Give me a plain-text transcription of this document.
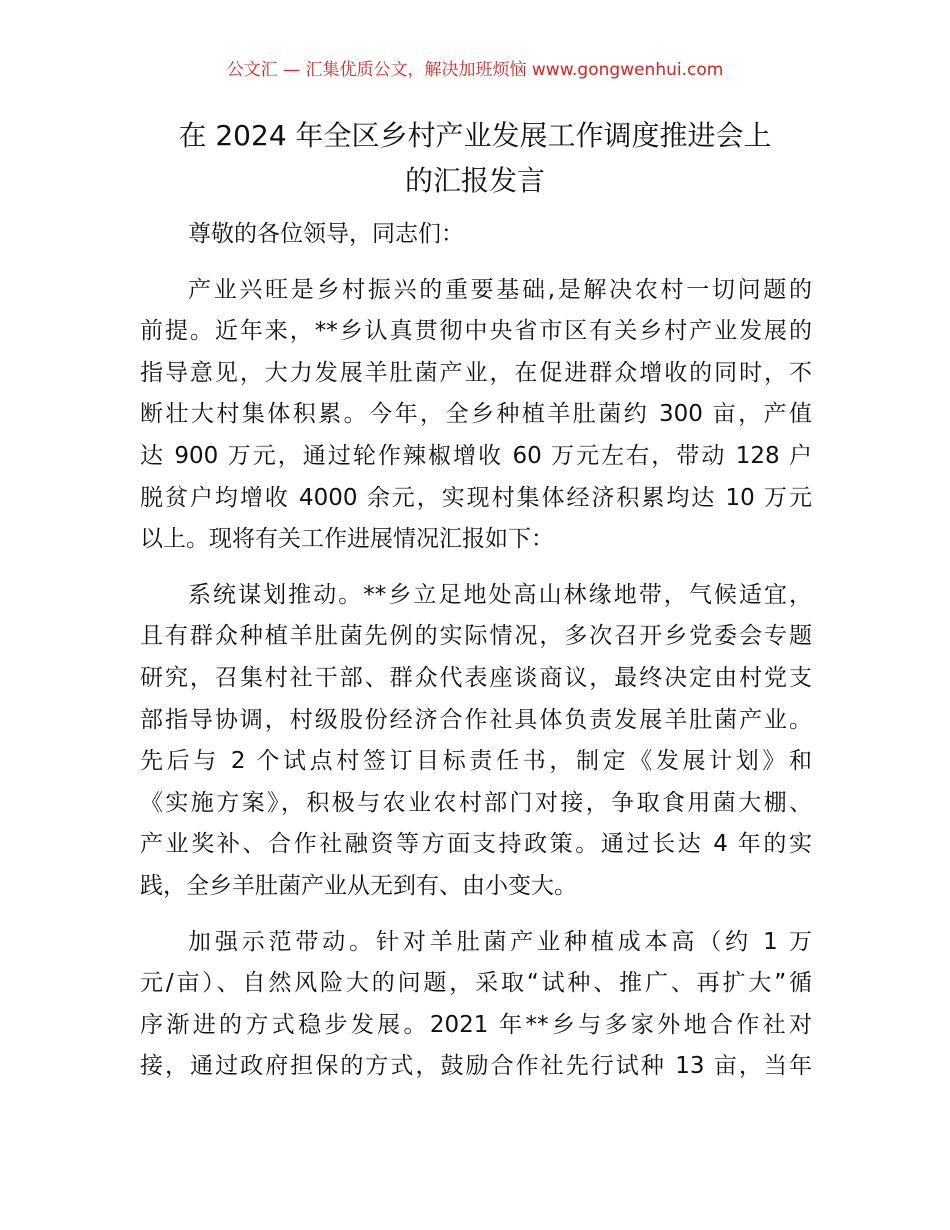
公文汇 — 汇集优质公文，解决加班烦恼 www.gongwenhui.com
在 2024 年全区乡村产业发展工作调度推进会上
的汇报发言
尊敬的各位领导，同志们：
产业兴旺是乡村振兴的重要基础,是解决农村一切问题的
前提。近年来，**乡认真贯彻中央省市区有关乡村产业发展的
指导意见，大力发展羊肚菌产业，在促进群众增收的同时，不
断壮大村集体积累。今年，全乡种植羊肚菌约 300 亩，产值
达 900 万元，通过轮作辣椒增收 60 万元左右，带动 128 户
脱贫户均增收 4000 余元，实现村集体经济积累均达 10 万元
以上。现将有关工作进展情况汇报如下：
系统谋划推动。**乡立足地处高山林缘地带，气候适宜，
且有群众种植羊肚菌先例的实际情况，多次召开乡党委会专题
研究，召集村社干部、群众代表座谈商议，最终决定由村党支
部指导协调，村级股份经济合作社具体负责发展羊肚菌产业。
先后与 2 个试点村签订目标责任书，制定《发展计划》和
《实施方案》，积极与农业农村部门对接，争取食用菌大棚、
产业奖补、合作社融资等方面支持政策。通过长达 4 年的实
践，全乡羊肚菌产业从无到有、由小变大。
加强示范带动。针对羊肚菌产业种植成本高（约 1 万
元/亩）、自然风险大的问题，采取“试种、推广、再扩大”循
序渐进的方式稳步发展。2021 年**乡与多家外地合作社对
接，通过政府担保的方式，鼓励合作社先行试种 13 亩，当年
